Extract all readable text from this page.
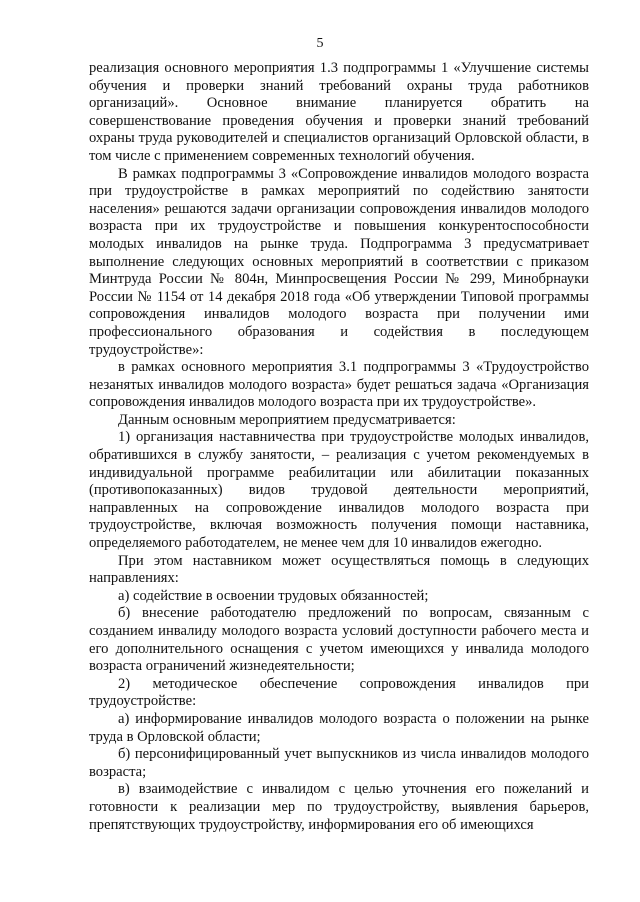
5

реализация основного мероприятия 1.3 подпрограммы 1 «Улучшение системы обучения и проверки знаний требований охраны труда работников организаций». Основное внимание планируется обратить на совершенствование проведения обучения и проверки знаний требований охраны труда руководителей и специалистов организаций Орловской области, в том числе с применением современных технологий обучения.

В рамках подпрограммы 3 «Сопровождение инвалидов молодого возраста при трудоустройстве в рамках мероприятий по содействию занятости населения» решаются задачи организации сопровождения инвалидов молодого возраста при их трудоустройстве и повышения конкурентоспособности молодых инвалидов на рынке труда. Подпрограмма 3 предусматривает выполнение следующих основных мероприятий в соответствии с приказом Минтруда России № 804н, Минпросвещения России № 299, Минобрнауки России № 1154 от 14 декабря 2018 года «Об утверждении Типовой программы сопровождения инвалидов молодого возраста при получении ими профессионального образования и содействия в последующем трудоустройстве»:

в рамках основного мероприятия 3.1 подпрограммы 3 «Трудоустройство незанятых инвалидов молодого возраста» будет решаться задача «Организация сопровождения инвалидов молодого возраста при их трудоустройстве».

Данным основным мероприятием предусматривается:

1) организация наставничества при трудоустройстве молодых инвалидов, обратившихся в службу занятости, – реализация с учетом рекомендуемых в индивидуальной программе реабилитации или абилитации показанных (противопоказанных) видов трудовой деятельности мероприятий, направленных на сопровождение инвалидов молодого возраста при трудоустройстве, включая возможность получения помощи наставника, определяемого работодателем, не менее чем для 10 инвалидов ежегодно.

При этом наставником может осуществляться помощь в следующих направлениях:

а) содействие в освоении трудовых обязанностей;

б) внесение работодателю предложений по вопросам, связанным с созданием инвалиду молодого возраста условий доступности рабочего места и его дополнительного оснащения с учетом имеющихся у инвалида молодого возраста ограничений жизнедеятельности;

2) методическое обеспечение сопровождения инвалидов при трудоустройстве:

а) информирование инвалидов молодого возраста о положении на рынке труда в Орловской области;

б) персонифицированный учет выпускников из числа инвалидов молодого возраста;

в) взаимодействие с инвалидом с целью уточнения его пожеланий и готовности к реализации мер по трудоустройству, выявления барьеров, препятствующих трудоустройству, информирования его об имеющихся
